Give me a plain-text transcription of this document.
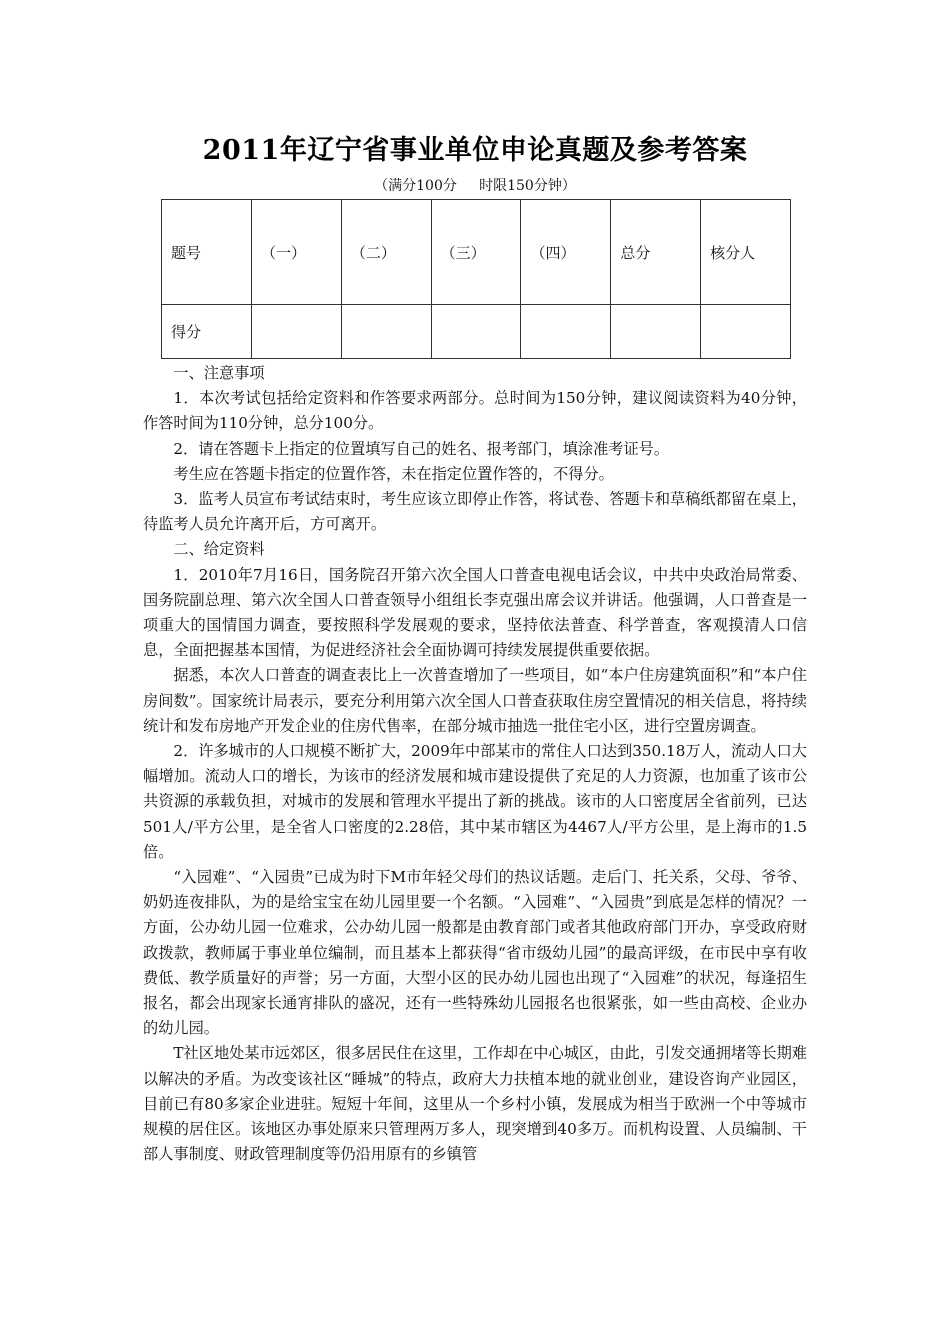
2011年辽宁省事业单位申论真题及参考答案
（满分100分     时限150分钟）
题号	（一）	（二）	（三）	（四）	总分	核分人
得分						

一、注意事项

1．本次考试包括给定资料和作答要求两部分。总时间为150分钟，建议阅读资料为40分钟，作答时间为110分钟，总分100分。

2．请在答题卡上指定的位置填写自己的姓名、报考部门，填涂准考证号。

考生应在答题卡指定的位置作答，未在指定位置作答的，不得分。

3．监考人员宣布考试结束时，考生应该立即停止作答，将试卷、答题卡和草稿纸都留在桌上，待监考人员允许离开后，方可离开。

二、给定资料

1．2010年7月16日，国务院召开第六次全国人口普查电视电话会议，中共中央政治局常委、国务院副总理、第六次全国人口普查领导小组组长李克强出席会议并讲话。他强调，人口普查是一项重大的国情国力调查，要按照科学发展观的要求，坚持依法普查、科学普查，客观摸清人口信息，全面把握基本国情，为促进经济社会全面协调可持续发展提供重要依据。

据悉，本次人口普查的调查表比上一次普查增加了一些项目，如“本户住房建筑面积”和“本户住房间数”。国家统计局表示，要充分利用第六次全国人口普查获取住房空置情况的相关信息，将持续统计和发布房地产开发企业的住房代售率，在部分城市抽选一批住宅小区，进行空置房调查。

2．许多城市的人口规模不断扩大，2009年中部某市的常住人口达到350.18万人，流动人口大幅增加。流动人口的增长，为该市的经济发展和城市建设提供了充足的人力资源，也加重了该市公共资源的承载负担，对城市的发展和管理水平提出了新的挑战。该市的人口密度居全省前列，已达501人/平方公里，是全省人口密度的2.28倍，其中某市辖区为4467人/平方公里，是上海市的1.5倍。

“入园难”、“入园贵”已成为时下M市年轻父母们的热议话题。走后门、托关系，父母、爷爷、奶奶连夜排队，为的是给宝宝在幼儿园里要一个名额。“入园难”、“入园贵”到底是怎样的情况？一方面，公办幼儿园一位难求，公办幼儿园一般都是由教育部门或者其他政府部门开办，享受政府财政拨款，教师属于事业单位编制，而且基本上都获得“省市级幼儿园”的最高评级，在市民中享有收费低、教学质量好的声誉；另一方面，大型小区的民办幼儿园也出现了“入园难”的状况，每逢招生报名，都会出现家长通宵排队的盛况，还有一些特殊幼儿园报名也很紧张，如一些由高校、企业办的幼儿园。

T社区地处某市远郊区，很多居民住在这里，工作却在中心城区，由此，引发交通拥堵等长期难以解决的矛盾。为改变该社区“睡城”的特点，政府大力扶植本地的就业创业，建设咨询产业园区，目前已有80多家企业进驻。短短十年间，这里从一个乡村小镇，发展成为相当于欧洲一个中等城市规模的居住区。该地区办事处原来只管理两万多人，现突增到40多万。而机构设置、人员编制、干部人事制度、财政管理制度等仍沿用原有的乡镇管
